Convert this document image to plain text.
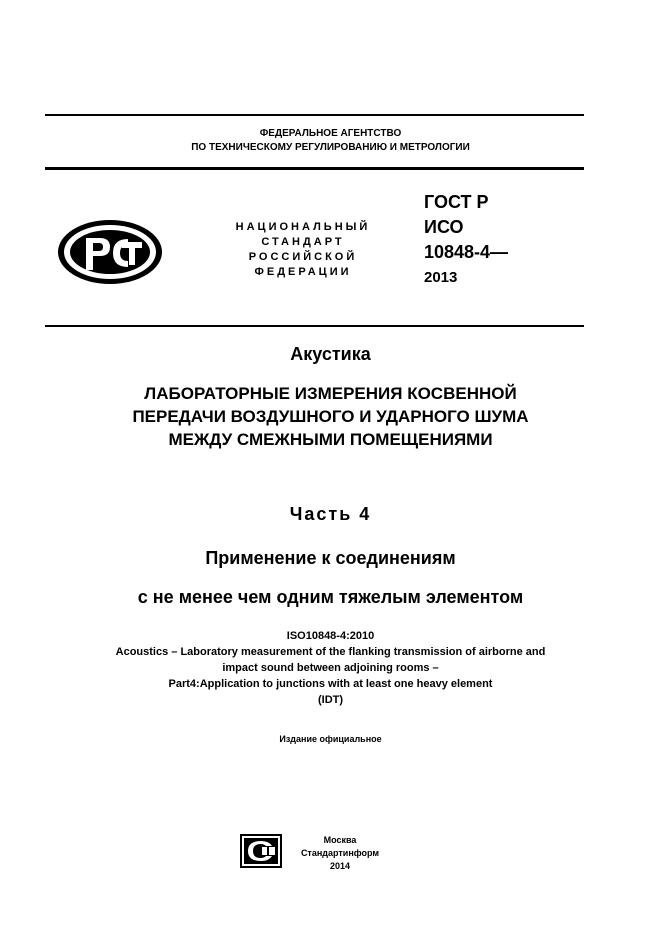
ФЕДЕРАЛЬНОЕ АГЕНТСТВО
ПО ТЕХНИЧЕСКОМУ РЕГУЛИРОВАНИЮ И МЕТРОЛОГИИ
НАЦИОНАЛЬНЫЙ
СТАНДАРТ
РОССИЙСКОЙ
ФЕДЕРАЦИИ
ГОСТ Р
ИСО
10848-4—
2013
Акустика
ЛАБОРАТОРНЫЕ ИЗМЕРЕНИЯ КОСВЕННОЙ
ПЕРЕДАЧИ ВОЗДУШНОГО И УДАРНОГО ШУМА
МЕЖДУ СМЕЖНЫМИ ПОМЕЩЕНИЯМИ
Часть 4
Применение к соединениям
с не менее чем одним тяжелым элементом
ISO10848-4:2010
Acoustics – Laboratory measurement of the flanking transmission of airborne and
impact sound between adjoining rooms –
Part4:Application to junctions with at least one heavy element
(IDT)
Издание официальное
Москва
Стандартинформ
2014
